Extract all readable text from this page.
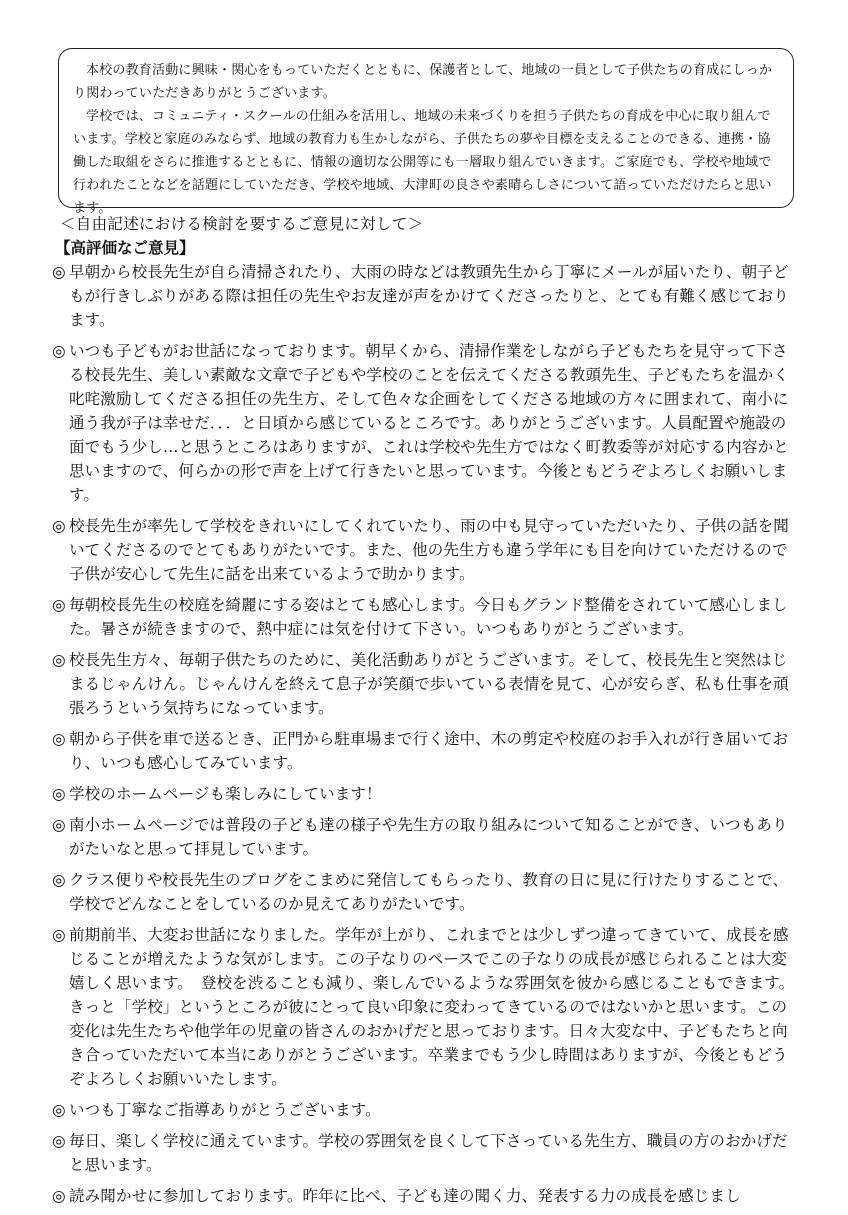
本校の教育活動に興味・関心をもっていただくとともに、保護者として、地域の一員として子供たちの育成にしっかり関わっていただきありがとうございます。

学校では、コミュニティ・スクールの仕組みを活用し、地域の未来づくりを担う子供たちの育成を中心に取り組んでいます。学校と家庭のみならず、地域の教育力も生かしながら、子供たちの夢や目標を支えることのできる、連携・協働した取組をさらに推進するとともに、情報の適切な公開等にも一層取り組んでいきます。ご家庭でも、学校や地域で行われたことなどを話題にしていただき、学校や地域、大津町の良さや素晴らしさについて語っていただけたらと思います。

＜自由記述における検討を要するご意見に対して＞
【高評価なご意見】
◎ 早朝から校長先生が自ら清掃されたり、大雨の時などは教頭先生から丁寧にメールが届いたり、朝子どもが行きしぶりがある際は担任の先生やお友達が声をかけてくださったりと、とても有難く感じております。
◎ いつも子どもがお世話になっております。朝早くから、清掃作業をしながら子どもたちを見守って下さる校長先生、美しい素敵な文章で子どもや学校のことを伝えてくださる教頭先生、子どもたちを温かく叱咤激励してくださる担任の先生方、そして色々な企画をしてくださる地域の方々に囲まれて、南小に通う我が子は幸せだ．．．と日頃から感じているところです。ありがとうございます。人員配置や施設の面でもう少し…と思うところはありますが、これは学校や先生方ではなく町教委等が対応する内容かと思いますので、何らかの形で声を上げて行きたいと思っています。今後ともどうぞよろしくお願いします。
◎ 校長先生が率先して学校をきれいにしてくれていたり、雨の中も見守っていただいたり、子供の話を聞いてくださるのでとてもありがたいです。また、他の先生方も違う学年にも目を向けていただけるので子供が安心して先生に話を出来ているようで助かります。
◎ 毎朝校長先生の校庭を綺麗にする姿はとても感心します。今日もグランド整備をされていて感心しました。暑さが続きますので、熱中症には気を付けて下さい。いつもありがとうございます。
◎ 校長先生方々、毎朝子供たちのために、美化活動ありがとうございます。そして、校長先生と突然はじまるじゃんけん。じゃんけんを終えて息子が笑顔で歩いている表情を見て、心が安らぎ、私も仕事を頑張ろうという気持ちになっています。
◎ 朝から子供を車で送るとき、正門から駐車場まで行く途中、木の剪定や校庭のお手入れが行き届いており、いつも感心してみています。
◎ 学校のホームページも楽しみにしています！
◎ 南小ホームページでは普段の子ども達の様子や先生方の取り組みについて知ることができ、いつもありがたいなと思って拝見しています。
◎ クラス便りや校長先生のブログをこまめに発信してもらったり、教育の日に見に行けたりすることで、学校でどんなことをしているのか見えてありがたいです。
◎ 前期前半、大変お世話になりました。学年が上がり、これまでとは少しずつ違ってきていて、成長を感じることが増えたような気がします。この子なりのペースでこの子なりの成長が感じられることは大変嬉しく思います。　登校を渋ることも減り、楽しんでいるような雰囲気を彼から感じることもできます。きっと「学校」というところが彼にとって良い印象に変わってきているのではないかと思います。この変化は先生たちや他学年の児童の皆さんのおかげだと思っております。日々大変な中、子どもたちと向き合っていただいて本当にありがとうございます。卒業までもう少し時間はありますが、今後ともどうぞよろしくお願いいたします。
◎ いつも丁寧なご指導ありがとうございます。
◎ 毎日、楽しく学校に通えています。学校の雰囲気を良くして下さっている先生方、職員の方のおかげだと思います。
◎ 読み聞かせに参加しております。昨年に比べ、子ども達の聞く力、発表する力の成長を感じまし
